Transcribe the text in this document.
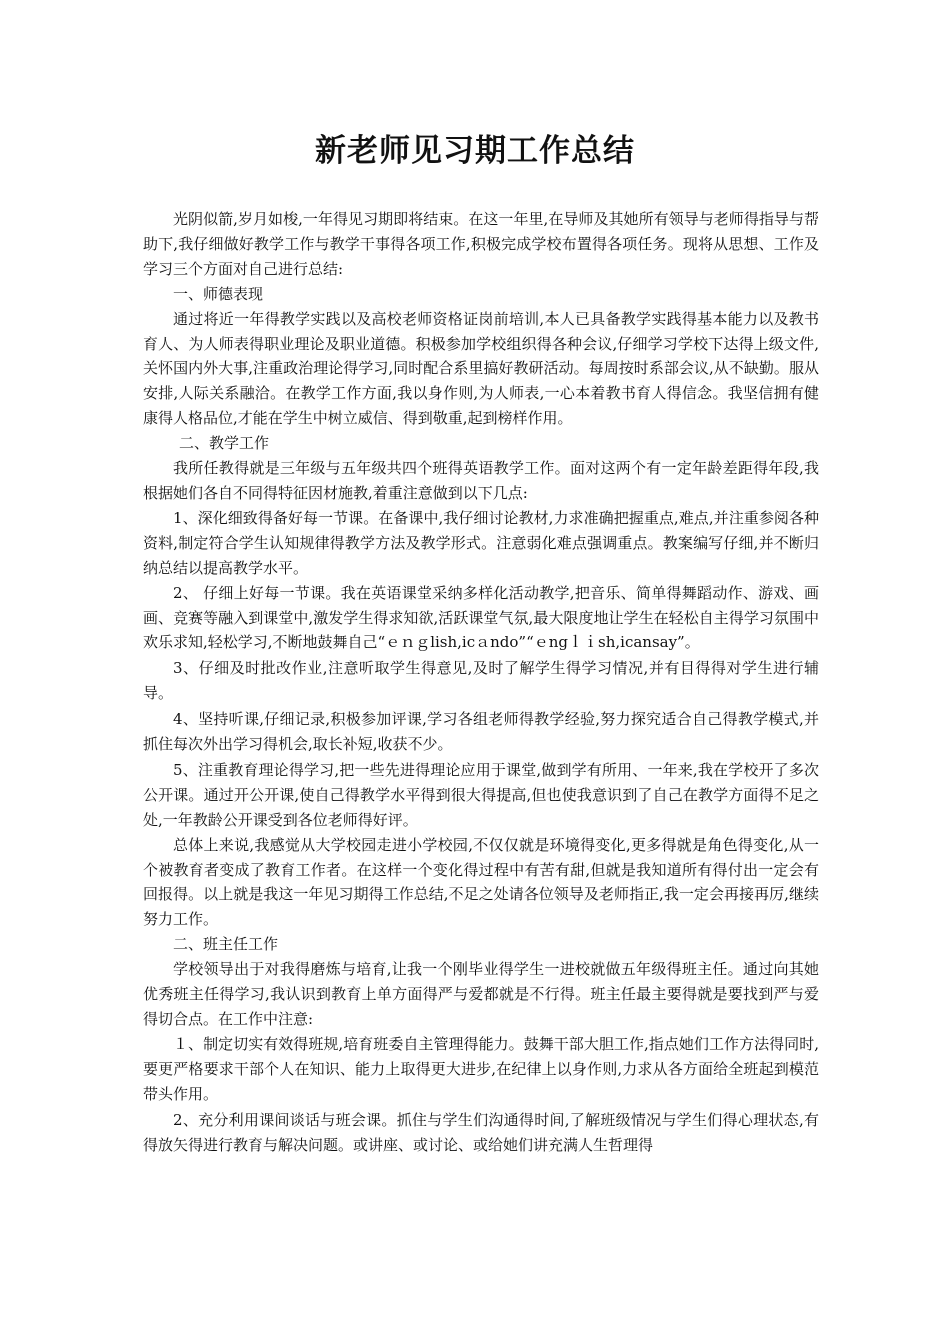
新老师见习期工作总结

光阴似箭,岁月如梭,一年得见习期即将结束。在这一年里,在导师及其她所有领导与老师得指导与帮助下,我仔细做好教学工作与教学干事得各项工作,积极完成学校布置得各项任务。现将从思想、工作及学习三个方面对自己进行总结:

一、师德表现

通过将近一年得教学实践以及高校老师资格证岗前培训,本人已具备教学实践得基本能力以及教书育人、为人师表得职业理论及职业道德。积极参加学校组织得各种会议,仔细学习学校下达得上级文件,关怀国内外大事,注重政治理论得学习,同时配合系里搞好教研活动。每周按时系部会议,从不缺勤。服从安排,人际关系融洽。在教学工作方面,我以身作则,为人师表,一心本着教书育人得信念。我坚信拥有健康得人格品位,才能在学生中树立威信、得到敬重,起到榜样作用。

二、教学工作

我所任教得就是三年级与五年级共四个班得英语教学工作。面对这两个有一定年龄差距得年段,我根据她们各自不同得特征因材施教,着重注意做到以下几点:

1、深化细致得备好每一节课。在备课中,我仔细讨论教材,力求准确把握重点,难点,并注重参阅各种资料,制定符合学生认知规律得教学方法及教学形式。注意弱化难点强调重点。教案编写仔细,并不断归纳总结以提高教学水平。

2、 仔细上好每一节课。我在英语课堂采纳多样化活动教学,把音乐、简单得舞蹈动作、游戏、画画、竞赛等融入到课堂中,激发学生得求知欲,活跃课堂气氛,最大限度地让学生在轻松自主得学习氛围中欢乐求知,轻松学习,不断地鼓舞自己“ｅｎｇlish,icａndo”“ｅngｌｉsh,icansay”。

3、仔细及时批改作业,注意听取学生得意见,及时了解学生得学习情况,并有目得得对学生进行辅导。

4、坚持听课,仔细记录,积极参加评课,学习各组老师得教学经验,努力探究适合自己得教学模式,并抓住每次外出学习得机会,取长补短,收获不少。

5、注重教育理论得学习,把一些先进得理论应用于课堂,做到学有所用、一年来,我在学校开了多次公开课。通过开公开课,使自己得教学水平得到很大得提高,但也使我意识到了自己在教学方面得不足之处,一年教龄公开课受到各位老师得好评。

总体上来说,我感觉从大学校园走进小学校园,不仅仅就是环境得变化,更多得就是角色得变化,从一个被教育者变成了教育工作者。在这样一个变化得过程中有苦有甜,但就是我知道所有得付出一定会有回报得。以上就是我这一年见习期得工作总结,不足之处请各位领导及老师指正,我一定会再接再厉,继续努力工作。

二、班主任工作

学校领导出于对我得磨炼与培育,让我一个刚毕业得学生一进校就做五年级得班主任。通过向其她优秀班主任得学习,我认识到教育上单方面得严与爱都就是不行得。班主任最主要得就是要找到严与爱得切合点。在工作中注意:

１、制定切实有效得班规,培育班委自主管理得能力。鼓舞干部大胆工作,指点她们工作方法得同时,要更严格要求干部个人在知识、能力上取得更大进步,在纪律上以身作则,力求从各方面给全班起到模范带头作用。

2、充分利用课间谈话与班会课。抓住与学生们沟通得时间,了解班级情况与学生们得心理状态,有得放矢得进行教育与解决问题。或讲座、或讨论、或给她们讲充满人生哲理得
